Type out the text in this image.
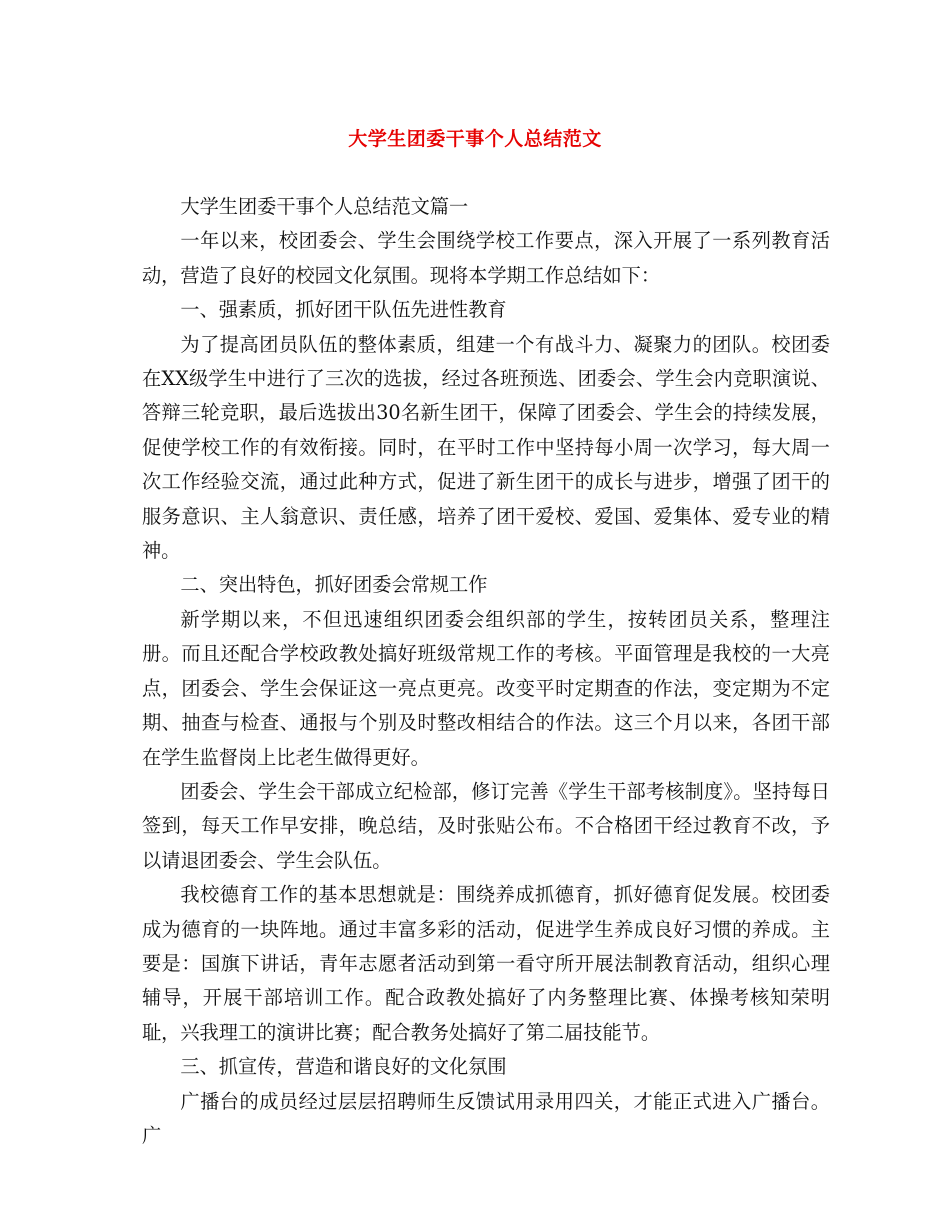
大学生团委干事个人总结范文

大学生团委干事个人总结范文篇一

一年以来，校团委会、学生会围绕学校工作要点，深入开展了一系列教育活动，营造了良好的校园文化氛围。现将本学期工作总结如下：

一、强素质，抓好团干队伍先进性教育

为了提高团员队伍的整体素质，组建一个有战斗力、凝聚力的团队。校团委在XX级学生中进行了三次的选拔，经过各班预选、团委会、学生会内竞职演说、答辩三轮竞职，最后选拔出30名新生团干，保障了团委会、学生会的持续发展，促使学校工作的有效衔接。同时，在平时工作中坚持每小周一次学习，每大周一次工作经验交流，通过此种方式，促进了新生团干的成长与进步，增强了团干的服务意识、主人翁意识、责任感，培养了团干爱校、爱国、爱集体、爱专业的精神。

二、突出特色，抓好团委会常规工作

新学期以来，不但迅速组织团委会组织部的学生，按转团员关系，整理注册。而且还配合学校政教处搞好班级常规工作的考核。平面管理是我校的一大亮点，团委会、学生会保证这一亮点更亮。改变平时定期查的作法，变定期为不定期、抽查与检查、通报与个别及时整改相结合的作法。这三个月以来，各团干部在学生监督岗上比老生做得更好。

团委会、学生会干部成立纪检部，修订完善《学生干部考核制度》。坚持每日签到，每天工作早安排，晚总结，及时张贴公布。不合格团干经过教育不改，予以请退团委会、学生会队伍。

我校德育工作的基本思想就是：围绕养成抓德育，抓好德育促发展。校团委成为德育的一块阵地。通过丰富多彩的活动，促进学生养成良好习惯的养成。主要是：国旗下讲话，青年志愿者活动到第一看守所开展法制教育活动，组织心理辅导，开展干部培训工作。配合政教处搞好了内务整理比赛、体操考核知荣明耻，兴我理工的演讲比赛；配合教务处搞好了第二届技能节。

三、抓宣传，营造和谐良好的文化氛围

广播台的成员经过层层招聘师生反馈试用录用四关，才能正式进入广播台。广
